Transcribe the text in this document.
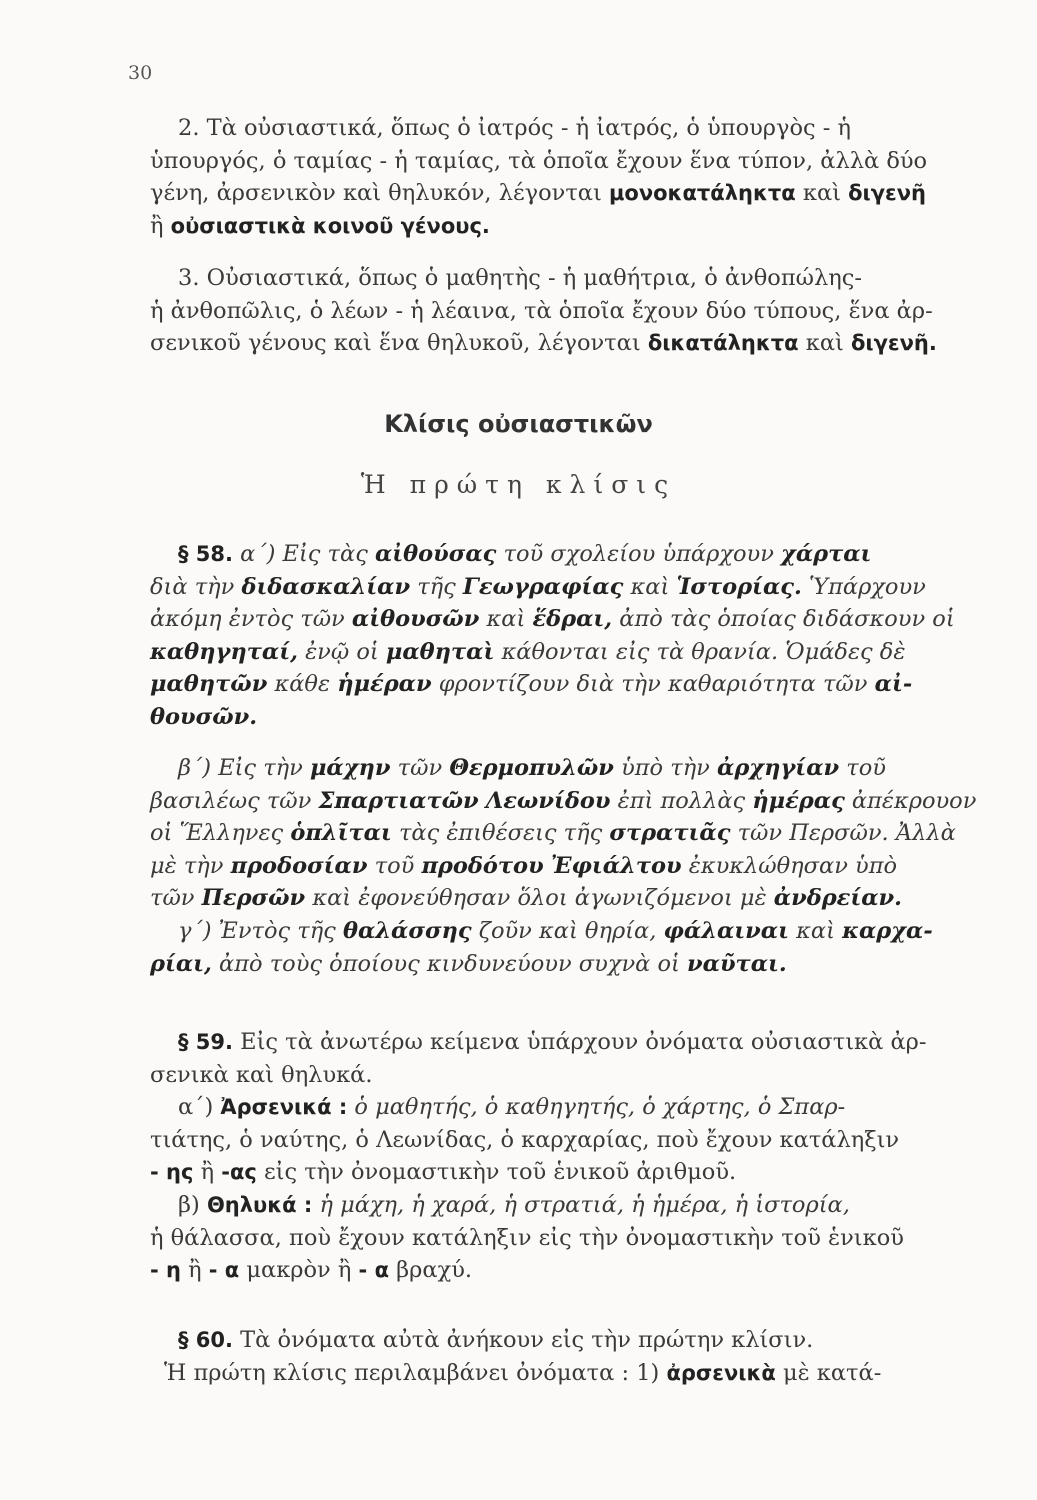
30
2. Τὰ οὐσιαστικά, ὅπως ὁ ἰατρός - ἡ ἰατρός, ὁ ὑπουργὸς - ἡ
ὑπουργός, ὁ ταμίας - ἡ ταμίας, τὰ ὁποῖα ἔχουν ἕνα τύπον, ἀλλὰ δύο
γένη, ἀρσενικὸν καὶ θηλυκόν, λέγονται μονοκατάληκτα καὶ διγενῆ
ἢ οὐσιαστικὰ κοινοῦ γένους.
3. Οὐσιαστικά, ὅπως ὁ μαθητὴς - ἡ μαθήτρια, ὁ ἀνθοπώλης-
ἡ ἀνθοπῶλις, ὁ λέων - ἡ λέαινα, τὰ ὁποῖα ἔχουν δύο τύπους, ἕνα ἀρ-
σενικοῦ γένους καὶ ἕνα θηλυκοῦ, λέγονται δικατάληκτα καὶ διγενῆ.
Κλίσις οὐσιαστικῶν
Ἡ πρώτη κλίσις
§ 58. α΄) Εἰς τὰς αἰθούσας τοῦ σχολείου ὑπάρχουν χάρται
διὰ τὴν διδασκαλίαν τῆς Γεωγραφίας καὶ Ἱστορίας. Ὑπάρχουν
ἀκόμη ἐντὸς τῶν αἰθουσῶν καὶ ἕδραι, ἀπὸ τὰς ὁποίας διδάσκουν οἱ
καθηγηταί, ἐνῷ οἱ μαθηταὶ κάθονται εἰς τὰ θρανία. Ὁμάδες δὲ
μαθητῶν κάθε ἡμέραν φροντίζουν διὰ τὴν καθαριότητα τῶν αἰ-
θουσῶν.
β΄) Εἰς τὴν μάχην τῶν Θερμοπυλῶν ὑπὸ τὴν ἀρχηγίαν τοῦ
βασιλέως τῶν Σπαρτιατῶν Λεωνίδου ἐπὶ πολλὰς ἡμέρας ἀπέκρουον
οἱ Ἕλληνες ὁπλῖται τὰς ἐπιθέσεις τῆς στρατιᾶς τῶν Περσῶν. Ἀλλὰ
μὲ τὴν προδοσίαν τοῦ προδότου Ἐφιάλτου ἐκυκλώθησαν ὑπὸ
τῶν Περσῶν καὶ ἐφονεύθησαν ὅλοι ἀγωνιζόμενοι μὲ ἀνδρείαν.
γ΄) Ἐντὸς τῆς θαλάσσης ζοῦν καὶ θηρία, φάλαιναι καὶ καρχα-
ρίαι, ἀπὸ τοὺς ὁποίους κινδυνεύουν συχνὰ οἱ ναῦται.
§ 59. Εἰς τὰ ἀνωτέρω κείμενα ὑπάρχουν ὀνόματα οὐσιαστικὰ ἀρ-
σενικὰ καὶ θηλυκά.
α΄) Ἀρσενικά : ὁ μαθητής, ὁ καθηγητής, ὁ χάρτης, ὁ Σπαρ-
τιάτης, ὁ ναύτης, ὁ Λεωνίδας, ὁ καρχαρίας, ποὺ ἔχουν κατάληξιν
- ης ἢ -ας εἰς τὴν ὀνομαστικὴν τοῦ ἑνικοῦ ἀριθμοῦ.
β) Θηλυκά : ἡ μάχη, ἡ χαρά, ἡ στρατιά, ἡ ἡμέρα, ἡ ἱστορία,
ἡ θάλασσα, ποὺ ἔχουν κατάληξιν εἰς τὴν ὀνομαστικὴν τοῦ ἑνικοῦ
- η ἢ - α μακρὸν ἢ - α βραχύ.
§ 60. Τὰ ὀνόματα αὐτὰ ἀνήκουν εἰς τὴν πρώτην κλίσιν.
Ἡ πρώτη κλίσις περιλαμβάνει ὀνόματα : 1) ἀρσενικὰ μὲ κατά-
